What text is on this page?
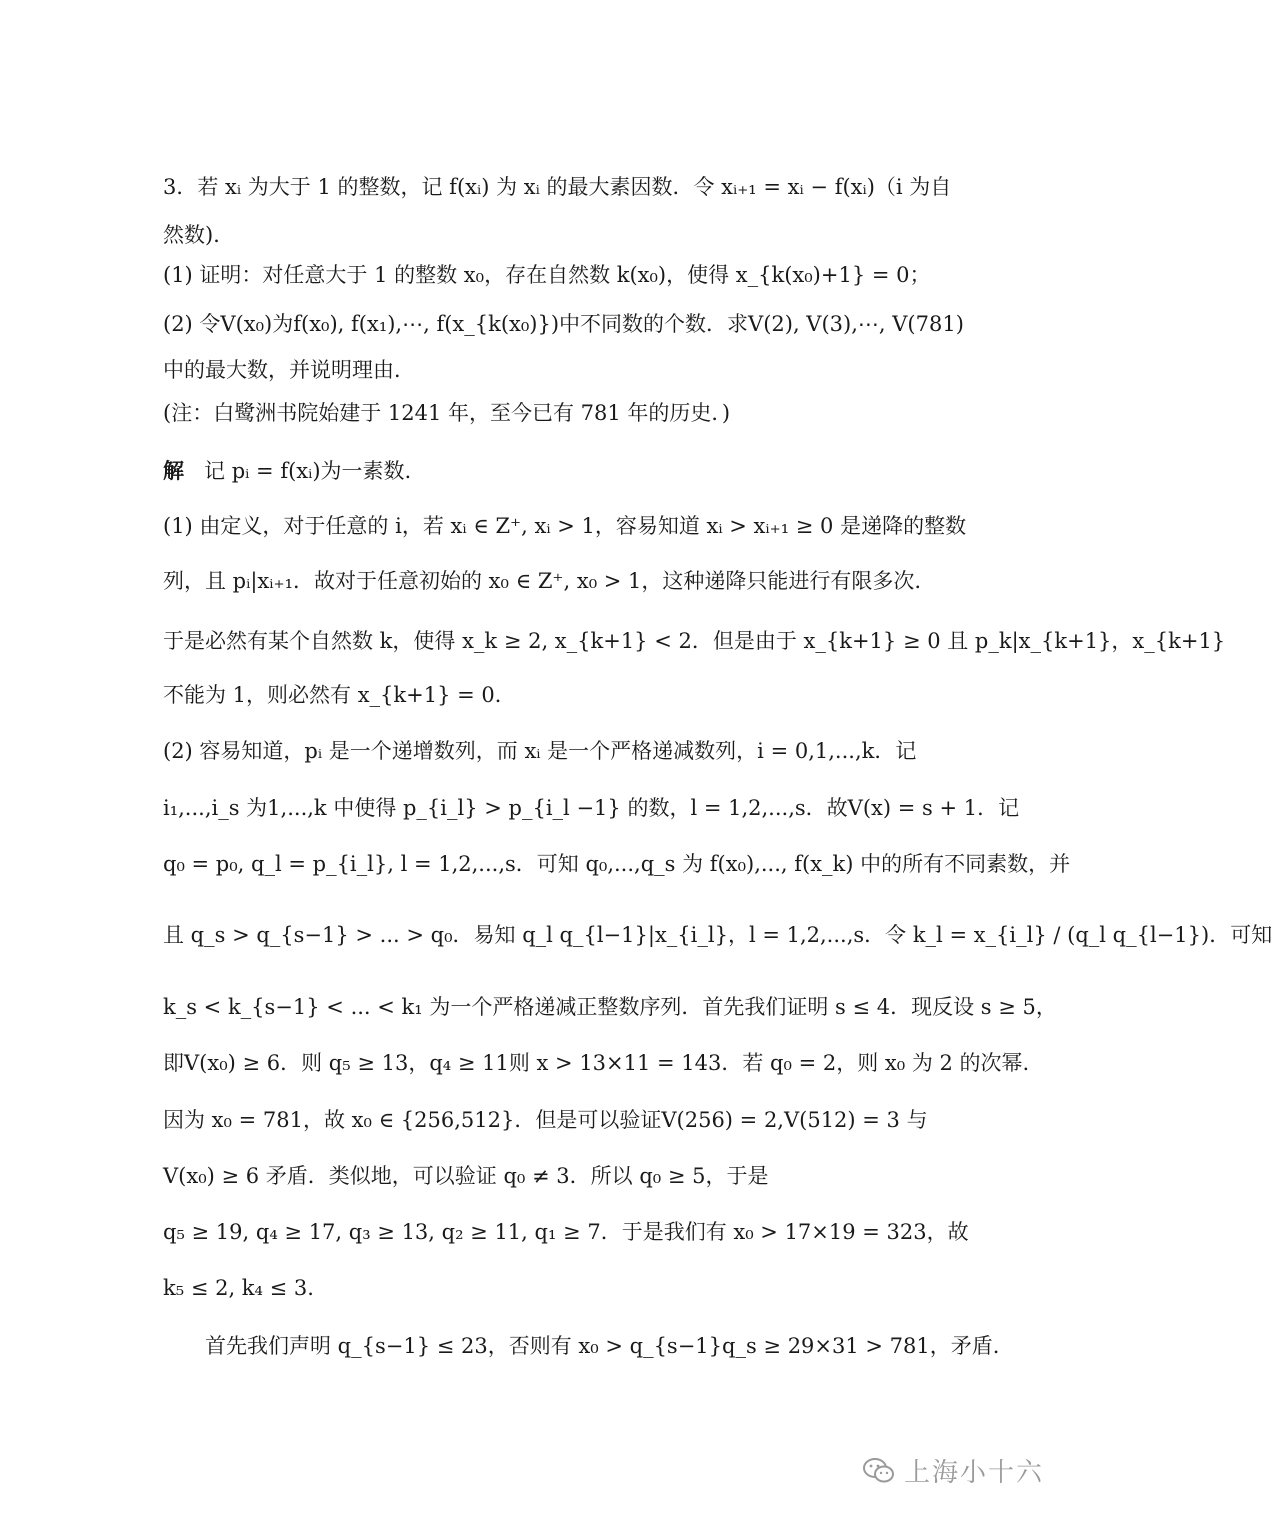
3．若 xᵢ 为大于 1 的整数，记 f(xᵢ) 为 xᵢ 的最大素因数．令 xᵢ₊₁ = xᵢ − f(xᵢ)（i 为自
然数)．
(1) 证明：对任意大于 1 的整数 x₀，存在自然数 k(x₀)，使得 x_{k(x₀)+1} = 0；
(2) 令V(x₀)为f(x₀), f(x₁),⋯, f(x_{k(x₀)})中不同数的个数．求V(2), V(3),⋯, V(781)
中的最大数，并说明理由．
(注：白鹭洲书院始建于 1241 年，至今已有 781 年的历史．)
解 记 pᵢ = f(xᵢ)为一素数.
(1) 由定义，对于任意的 i，若 xᵢ ∈ Z⁺, xᵢ > 1，容易知道 xᵢ > xᵢ₊₁ ≥ 0 是递降的整数
列，且 pᵢ|xᵢ₊₁．故对于任意初始的 x₀ ∈ Z⁺, x₀ > 1，这种递降只能进行有限多次.
于是必然有某个自然数 k，使得 x_k ≥ 2, x_{k+1} < 2．但是由于 x_{k+1} ≥ 0 且 p_k|x_{k+1}，x_{k+1}
不能为 1，则必然有 x_{k+1} = 0．
(2) 容易知道，pᵢ 是一个递增数列，而 xᵢ 是一个严格递减数列，i = 0,1,...,k．记
i₁,...,i_s 为1,...,k 中使得 p_{i_l} > p_{i_l −1} 的数，l = 1,2,...,s．故V(x) = s + 1．记
q₀ = p₀, q_l = p_{i_l}, l = 1,2,...,s．可知 q₀,...,q_s 为 f(x₀),..., f(x_k) 中的所有不同素数，并
且 q_s > q_{s−1} > ... > q₀．易知 q_l q_{l−1}|x_{i_l}，l = 1,2,...,s．令 k_l = x_{i_l} / (q_l q_{l−1})．可知
k_s < k_{s−1} < ... < k₁ 为一个严格递减正整数序列．首先我们证明 s ≤ 4．现反设 s ≥ 5，
即V(x₀) ≥ 6．则 q₅ ≥ 13，q₄ ≥ 11则 x > 13×11 = 143．若 q₀ = 2，则 x₀ 为 2 的次幂.
因为 x₀ = 781，故 x₀ ∈ {256,512}．但是可以验证V(256) = 2,V(512) = 3 与
V(x₀) ≥ 6 矛盾．类似地，可以验证 q₀ ≠ 3．所以 q₀ ≥ 5，于是
q₅ ≥ 19, q₄ ≥ 17, q₃ ≥ 13, q₂ ≥ 11, q₁ ≥ 7．于是我们有 x₀ > 17×19 = 323，故
k₅ ≤ 2, k₄ ≤ 3.
首先我们声明 q_{s−1} ≤ 23，否则有 x₀ > q_{s−1}q_s ≥ 29×31 > 781，矛盾.
上海小十六
